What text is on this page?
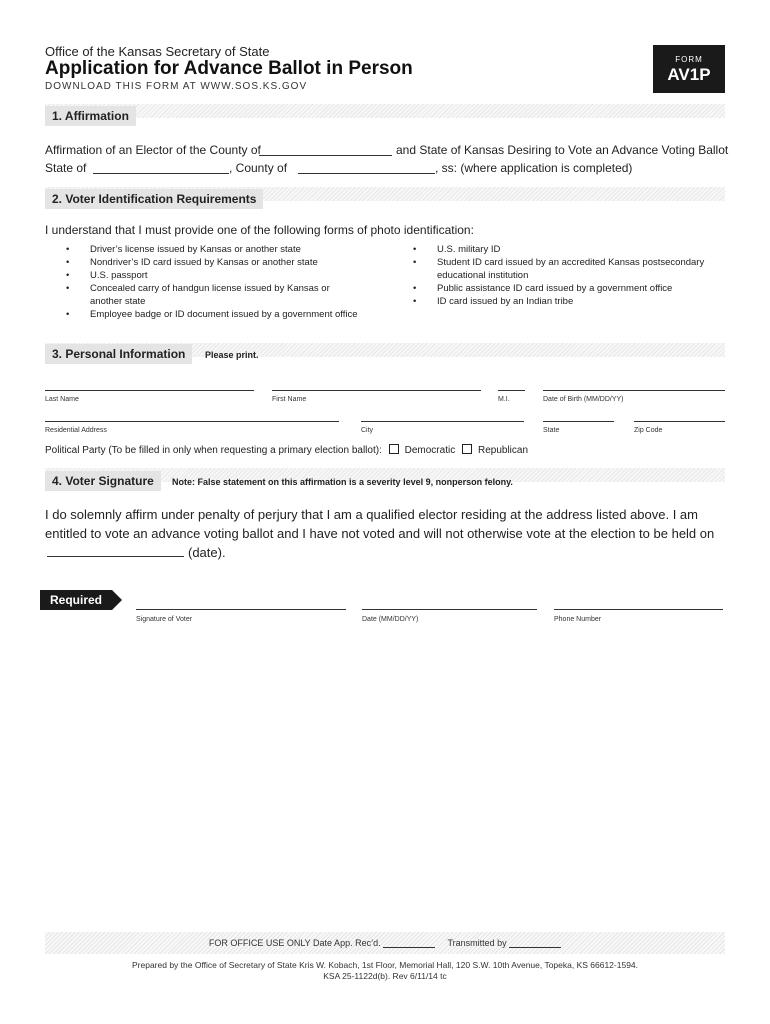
Office of the Kansas Secretary of State
Application for Advance Ballot in Person
DOWNLOAD THIS FORM AT WWW.SOS.KS.GOV
FORM
AV1P
1. Affirmation
Affirmation of an Elector of the County of	and State of Kansas Desiring to Vote an Advance Voting Ballot
State of	, County of	, ss: (where application is completed)
2. Voter Identification Requirements
I understand that I must provide one of the following forms of photo identification:
• Driver’s license issued by Kansas or another state
• Nondriver’s ID card issued by Kansas or another state
• U.S. passport
• Concealed carry of handgun license issued by Kansas or another state
• Employee badge or ID document issued by a government office
• U.S. military ID
• Student ID card issued by an accredited Kansas postsecondary educational institution
• Public assistance ID card issued by a government office
• ID card issued by an Indian tribe
3. Personal Information	Please print.
Last Name	First Name	M.I.	Date of Birth (MM/DD/YY)
Residential Address	City	State	Zip Code
Political Party (To be filled in only when requesting a primary election ballot): Democratic Republican
4. Voter Signature	Note: False statement on this affirmation is a severity level 9, nonperson felony.
I do solemnly affirm under penalty of perjury that I am a qualified elector residing at the address listed above. I am
entitled to vote an advance voting ballot and I have not voted and will not otherwise vote at the election to be held on
(date).
Required
Signature of Voter	Date (MM/DD/YY)	Phone Number
FOR OFFICE USE ONLY Date App. Rec’d.	Transmitted by
Prepared by the Office of Secretary of State Kris W. Kobach, 1st Floor, Memorial Hall, 120 S.W. 10th Avenue, Topeka, KS 66612-1594.
KSA 25-1122d(b). Rev 6/11/14 tc
